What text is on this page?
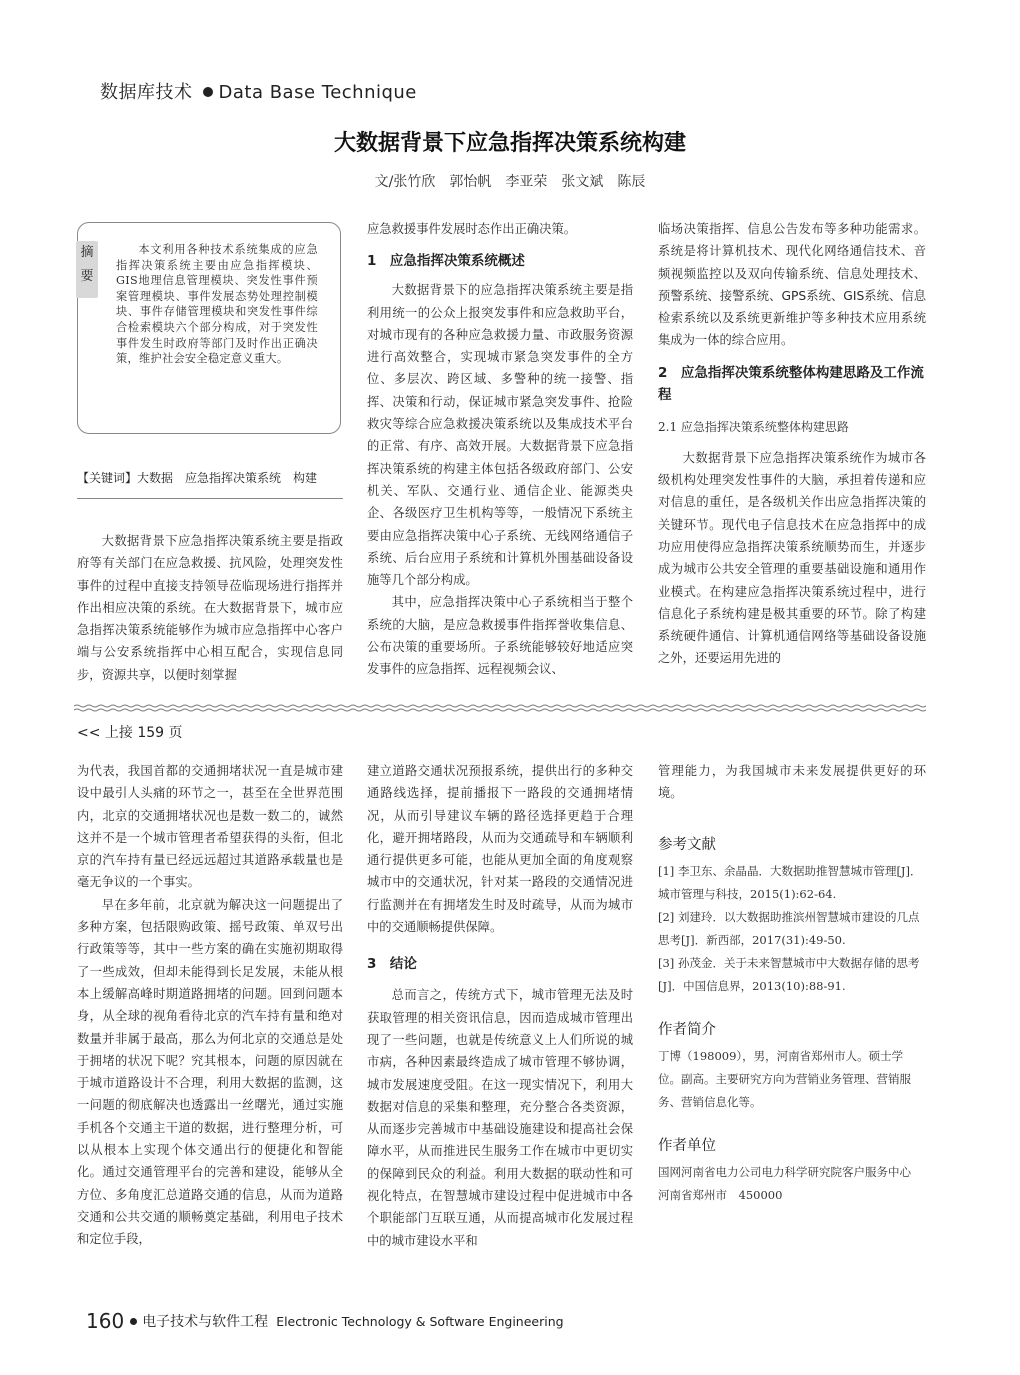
数据库技术 Data Base Technique
大数据背景下应急指挥决策系统构建
文/张竹欣　郭怡帆　李亚荣　张文斌　陈辰
摘
要

本文利用各种技术系统集成的应急指挥决策系统主要由应急指挥模块、GIS地理信息管理模块、突发性事件预案管理模块、事件发展态势处理控制模块、事件存储管理模块和突发性事件综合检索模块六个部分构成，对于突发性事件发生时政府等部门及时作出正确决策，维护社会安全稳定意义重大。

【关键词】大数据　应急指挥决策系统　构建

大数据背景下应急指挥决策系统主要是指政府等有关部门在应急救援、抗风险，处理突发性事件的过程中直接支持领导莅临现场进行指挥并作出相应决策的系统。在大数据背景下，城市应急指挥决策系统能够作为城市应急指挥中心客户端与公安系统指挥中心相互配合，实现信息同步，资源共享，以便时刻掌握

应急救援事件发展时态作出正确决策。

1　应急指挥决策系统概述

大数据背景下的应急指挥决策系统主要是指利用统一的公众上报突发事件和应急救助平台，对城市现有的各种应急救援力量、市政服务资源进行高效整合，实现城市紧急突发事件的全方位、多层次、跨区域、多警种的统一接警、指挥、决策和行动，保证城市紧急突发事件、抢险救灾等综合应急救援决策系统以及集成技术平台的正常、有序、高效开展。大数据背景下应急指挥决策系统的构建主体包括各级政府部门、公安机关、军队、交通行业、通信企业、能源类央企、各级医疗卫生机构等等，一般情况下系统主要由应急指挥决策中心子系统、无线网络通信子系统、后台应用子系统和计算机外围基础设备设施等几个部分构成。

其中，应急指挥决策中心子系统相当于整个系统的大脑，是应急救援事件指挥誉收集信息、公布决策的重要场所。子系统能够较好地适应突发事件的应急指挥、远程视频会议、

临场决策指挥、信息公告发布等多种功能需求。系统是将计算机技术、现代化网络通信技术、音频视频监控以及双向传输系统、信息处理技术、预警系统、接警系统、GPS系统、GIS系统、信息检索系统以及系统更新维护等多种技术应用系统集成为一体的综合应用。

2　应急指挥决策系统整体构建思路及工作流程
2.1 应急指挥决策系统整体构建思路

大数据背景下应急指挥决策系统作为城市各级机构处理突发性事件的大脑，承担着传递和应对信息的重任，是各级机关作出应急指挥决策的关键环节。现代电子信息技术在应急指挥中的成功应用使得应急指挥决策系统顺势而生，并逐步成为城市公共安全管理的重要基础设施和通用作业模式。在构建应急指挥决策系统过程中，进行信息化子系统构建是极其重要的环节。除了构建系统硬件通信、计算机通信网络等基础设备设施之外，还要运用先进的

<< 上接 159 页

为代表，我国首都的交通拥堵状况一直是城市建设中最引人头痛的环节之一，甚至在全世界范围内，北京的交通拥堵状况也是数一数二的，诚然这并不是一个城市管理者希望获得的头衔，但北京的汽车持有量已经远远超过其道路承载量也是毫无争议的一个事实。

早在多年前，北京就为解决这一问题提出了多种方案，包括限购政策、摇号政策、单双号出行政策等等，其中一些方案的确在实施初期取得了一些成效，但却未能得到长足发展，未能从根本上缓解高峰时期道路拥堵的问题。回到问题本身，从全球的视角看待北京的汽车持有量和绝对数量并非属于最高，那么为何北京的交通总是处于拥堵的状况下呢？究其根本，问题的原因就在于城市道路设计不合理，利用大数据的监测，这一问题的彻底解决也透露出一丝曙光，通过实施手机各个交通主干道的数据，进行整理分析，可以从根本上实现个体交通出行的便捷化和智能化。通过交通管理平台的完善和建设，能够从全方位、多角度汇总道路交通的信息，从而为道路交通和公共交通的顺畅奠定基础，利用电子技术和定位手段，

建立道路交通状况预报系统，提供出行的多种交通路线选择，提前播报下一路段的交通拥堵情况，从而引导建议车辆的路径选择更趋于合理化，避开拥堵路段，从而为交通疏导和车辆顺利通行提供更多可能，也能从更加全面的角度观察城市中的交通状况，针对某一路段的交通情况进行监测并在有拥堵发生时及时疏导，从而为城市中的交通顺畅提供保障。

3　结论

总而言之，传统方式下，城市管理无法及时获取管理的相关资讯信息，因而造成城市管理出现了一些问题，也就是传统意义上人们所说的城市病，各种因素最终造成了城市管理不够协调，城市发展速度受阻。在这一现实情况下，利用大数据对信息的采集和整理，充分整合各类资源，从而逐步完善城市中基础设施建设和提高社会保障水平，从而推进民生服务工作在城市中更切实的保障到民众的利益。利用大数据的联动性和可视化特点，在智慧城市建设过程中促进城市中各个职能部门互联互通，从而提高城市化发展过程中的城市建设水平和

管理能力，为我国城市未来发展提供更好的环境。

参考文献
[1] 李卫东、余晶晶．大数据助推智慧城市管理[J]．城市管理与科技，2015(1):62-64.
[2] 刘建玲．以大数据助推滨州智慧城市建设的几点思考[J]．新西部，2017(31):49-50.
[3] 孙茂金．关于未来智慧城市中大数据存储的思考[J]．中国信息界，2013(10):88-91.
作者简介
丁博（198009），男，河南省郑州市人。硕士学位。副高。主要研究方向为营销业务管理、营销服务、营销信息化等。
作者单位
国网河南省电力公司电力科学研究院客户服务中心　河南省郑州市　450000
160 电子技术与软件工程 Electronic Technology & Software Engineering
